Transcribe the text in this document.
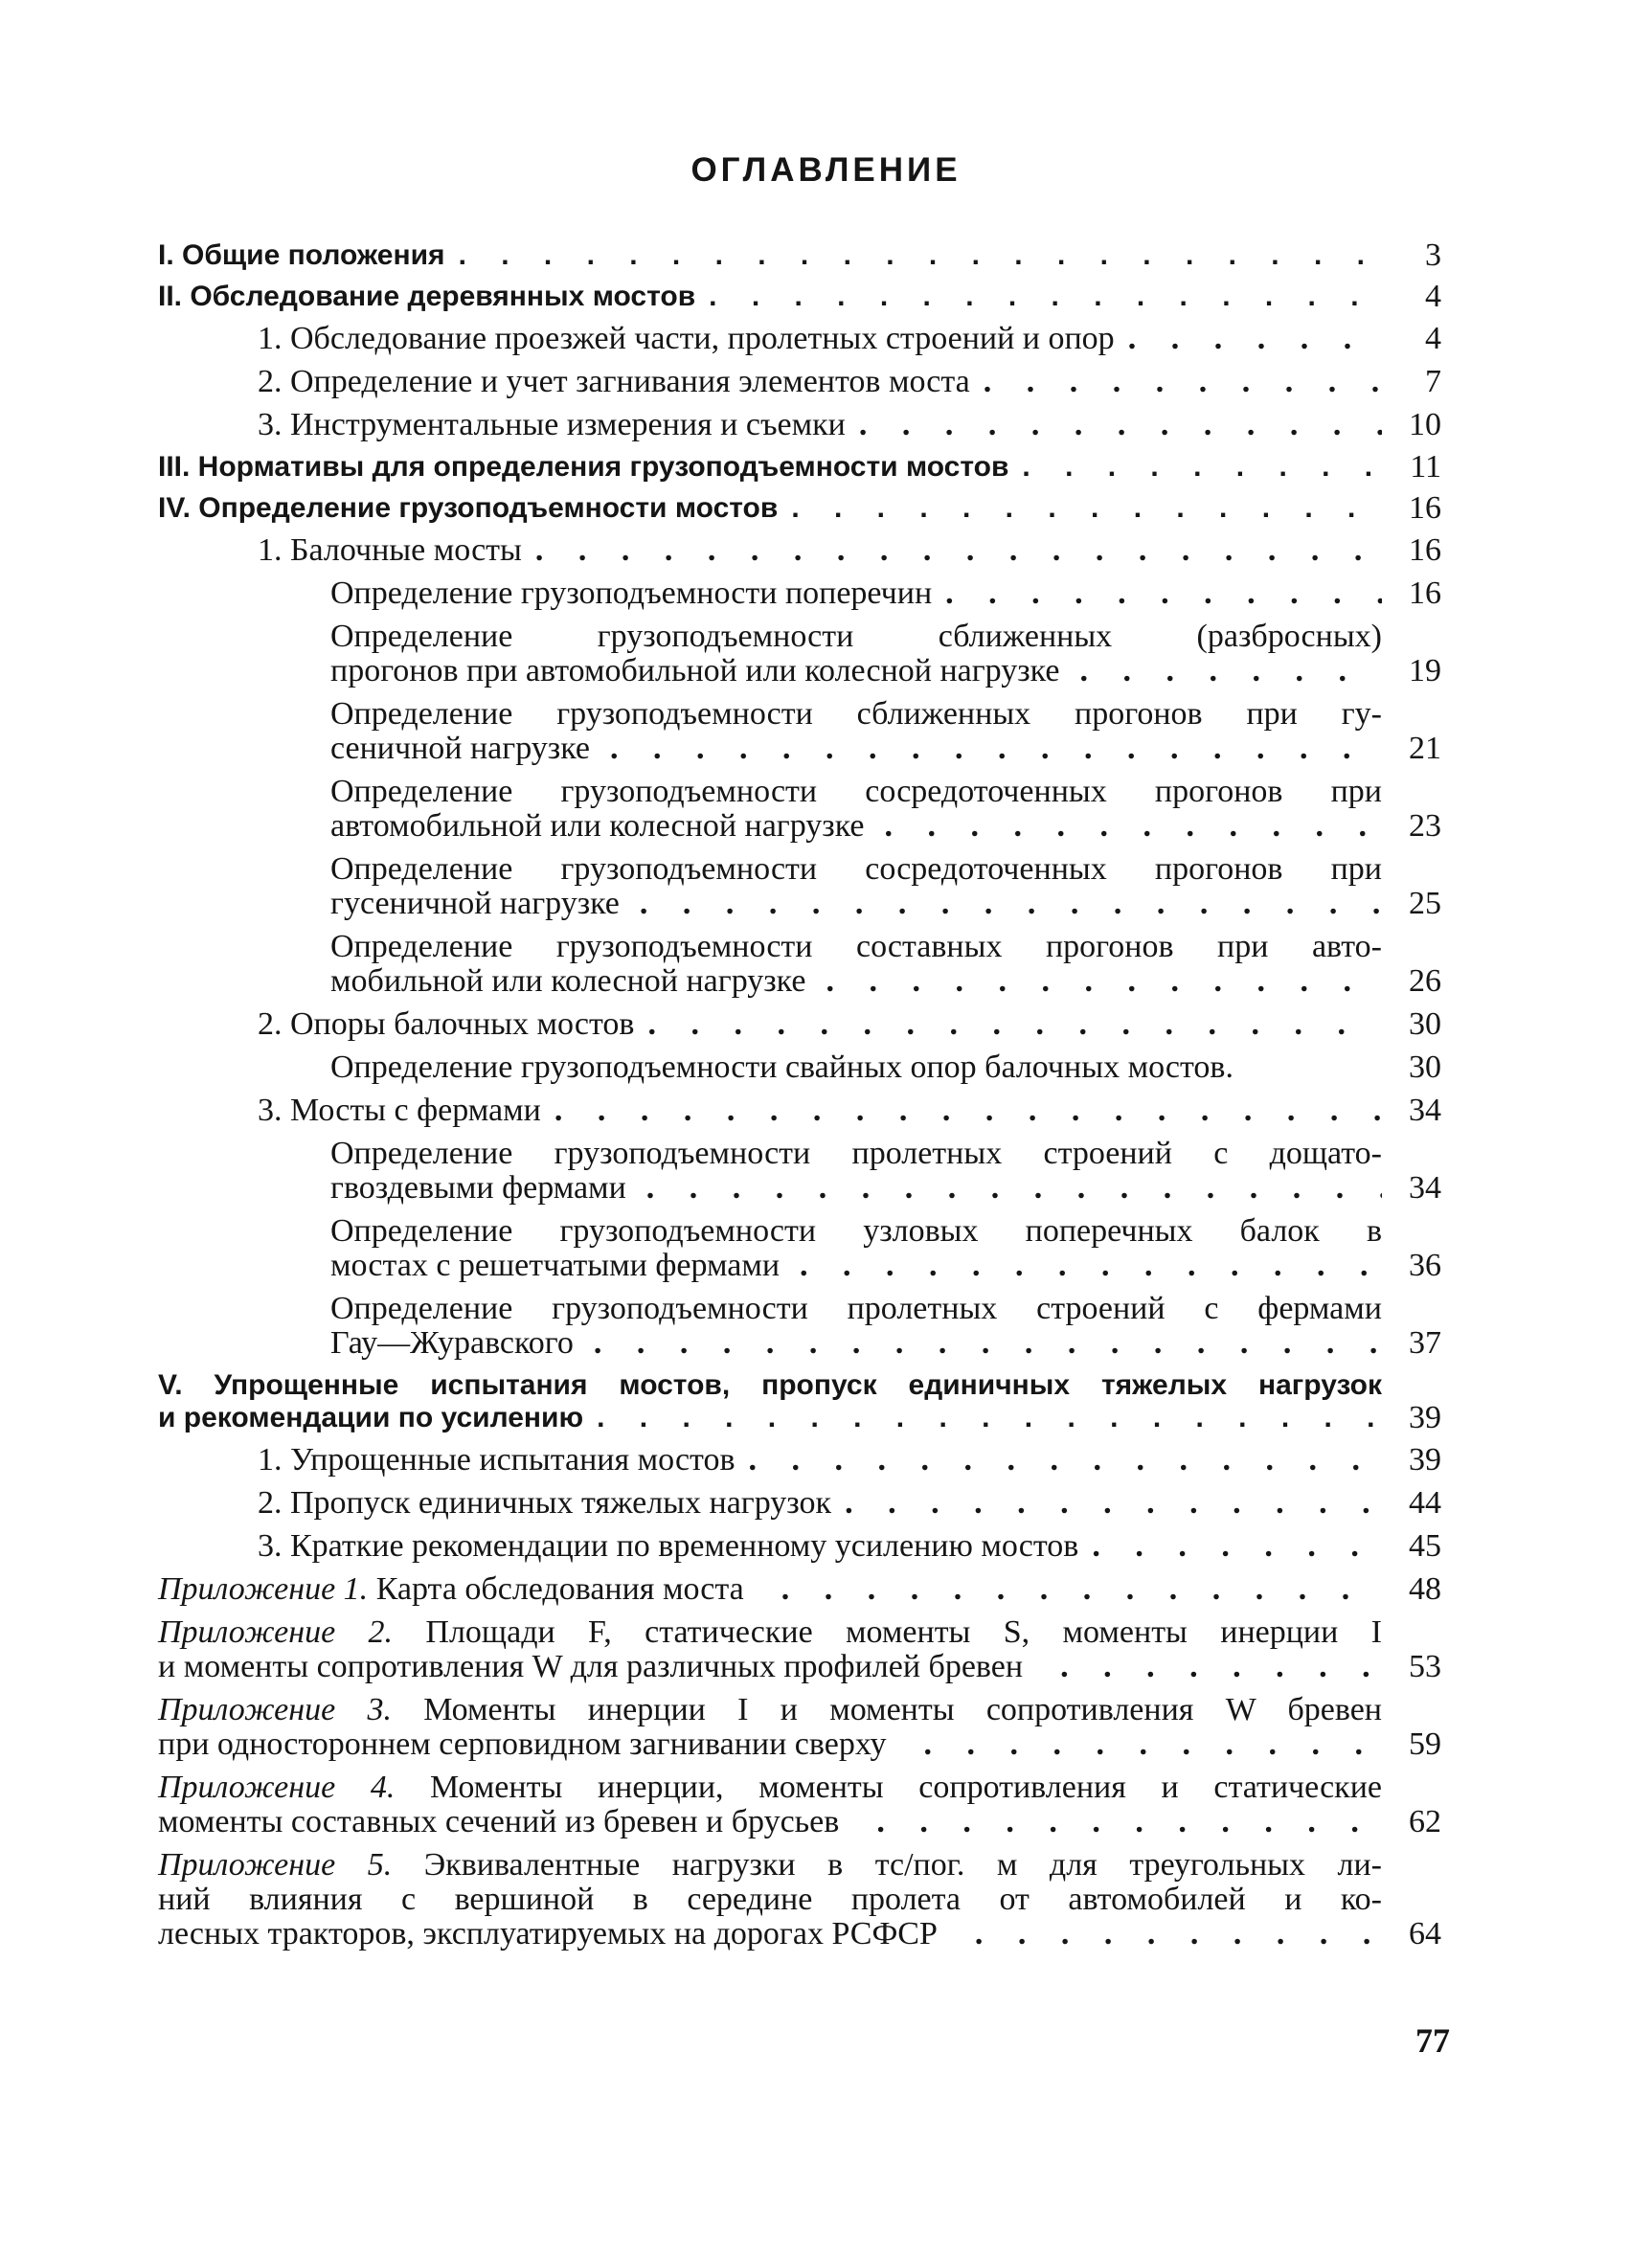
ОГЛАВЛЕНИЕ
I. Общие положения . . .	3
II. Обследование деревянных мостов . . .	4
1. Обследование проезжей части, пролетных строений и опор . . .	4
2. Определение и учет загнивания элементов моста . . .	7
3. Инструментальные измерения и съемки . . .	10
III. Нормативы для определения грузоподъемности мостов . . .	11
IV. Определение грузоподъемности мостов . . .	16
1. Балочные мосты . . .	16
Определение грузоподъемности поперечин . . .	16
Определение грузоподъемности сближенных (разбросных)
прогонов при автомобильной или колесной нагрузке . . .	19
Определение грузоподъемности сближенных прогонов при гу-
сеничной нагрузке . . .	21
Определение грузоподъемности сосредоточенных прогонов при
автомобильной или колесной нагрузке . . .	23
Определение грузоподъемности сосредоточенных прогонов при
гусеничной нагрузке . . .	25
Определение грузоподъемности составных прогонов при авто-
мобильной или колесной нагрузке . . .	26
2. Опоры балочных мостов . . .	30
Определение грузоподъемности свайных опор балочных мостов.	30
3. Мосты с фермами . . .	34
Определение грузоподъемности пролетных строений с дощато-
гвоздевыми фермами . . .	34
Определение грузоподъемности узловых поперечных балок в
мостах с решетчатыми фермами . . .	36
Определение грузоподъемности пролетных строений с фермами
Гау—Журавского . . .	37
V. Упрощенные испытания мостов, пропуск единичных тяжелых нагрузок
и рекомендации по усилению . . .	39
1. Упрощенные испытания мостов . . .	39
2. Пропуск единичных тяжелых нагрузок . . .	44
3. Краткие рекомендации по временному усилению мостов . . .	45
Приложение 1. Карта обследования моста . . .	48
Приложение 2. Площади F, статические моменты S, моменты инерции I
и моменты сопротивления W для различных профилей бревен . . .	53
Приложение 3. Моменты инерции I и моменты сопротивления W бревен
при одностороннем серповидном загнивании сверху . . .	59
Приложение 4. Моменты инерции, моменты сопротивления и статические
моменты составных сечений из бревен и брусьев . . .	62
Приложение 5. Эквивалентные нагрузки в тс/пог. м для треугольных ли-
ний влияния с вершиной в середине пролета от автомобилей и ко-
лесных тракторов, эксплуатируемых на дорогах РСФСР . . .	64
77
